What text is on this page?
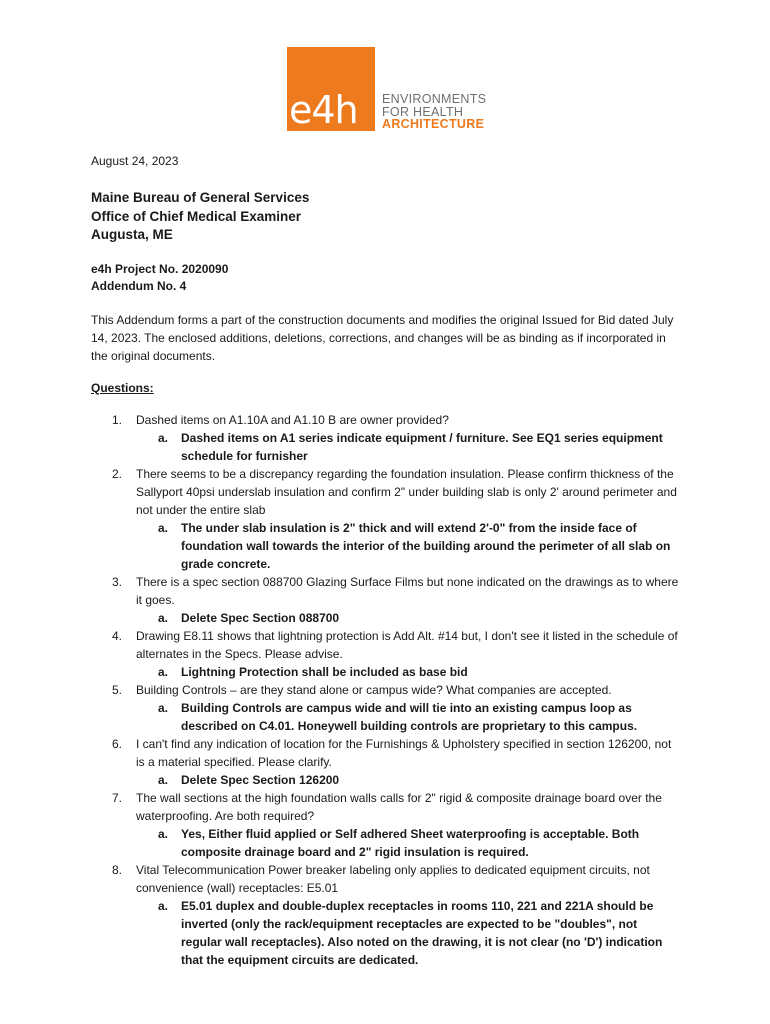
e4h ENVIRONMENTS
FOR HEALTH
ARCHITECTURE

August 24, 2023

Maine Bureau of General Services
Office of Chief Medical Examiner
Augusta, ME
e4h Project No. 2020090
Addendum No. 4
This Addendum forms a part of the construction documents and modifies the original Issued for Bid dated July 14, 2023. The enclosed additions, deletions, corrections, and changes will be as binding as if incorporated in the original documents.
Questions:
1. Dashed items on A1.10A and A1.10 B are owner provided?
a. Dashed items on A1 series indicate equipment / furniture. See EQ1 series equipment schedule for furnisher
2. There seems to be a discrepancy regarding the foundation insulation. Please confirm thickness of the Sallyport 40psi underslab insulation and confirm 2" under building slab is only 2' around perimeter and not under the entire slab
a. The under slab insulation is 2" thick and will extend 2'-0" from the inside face of foundation wall towards the interior of the building around the perimeter of all slab on grade concrete.
3. There is a spec section 088700 Glazing Surface Films but none indicated on the drawings as to where it goes.
a. Delete Spec Section 088700
4. Drawing E8.11 shows that lightning protection is Add Alt. #14 but, I don't see it listed in the schedule of alternates in the Specs. Please advise.
a. Lightning Protection shall be included as base bid
5. Building Controls – are they stand alone or campus wide? What companies are accepted.
a. Building Controls are campus wide and will tie into an existing campus loop as described on C4.01. Honeywell building controls are proprietary to this campus.
6. I can't find any indication of location for the Furnishings & Upholstery specified in section 126200, not is a material specified. Please clarify.
a. Delete Spec Section 126200
7. The wall sections at the high foundation walls calls for 2" rigid & composite drainage board over the waterproofing. Are both required?
a. Yes, Either fluid applied or Self adhered Sheet waterproofing is acceptable. Both composite drainage board and 2" rigid insulation is required.
8. Vital Telecommunication Power breaker labeling only applies to dedicated equipment circuits, not convenience (wall) receptacles: E5.01
a. E5.01 duplex and double-duplex receptacles in rooms 110, 221 and 221A should be inverted (only the rack/equipment receptacles are expected to be "doubles", not regular wall receptacles). Also noted on the drawing, it is not clear (no 'D') indication that the equipment circuits are dedicated.
